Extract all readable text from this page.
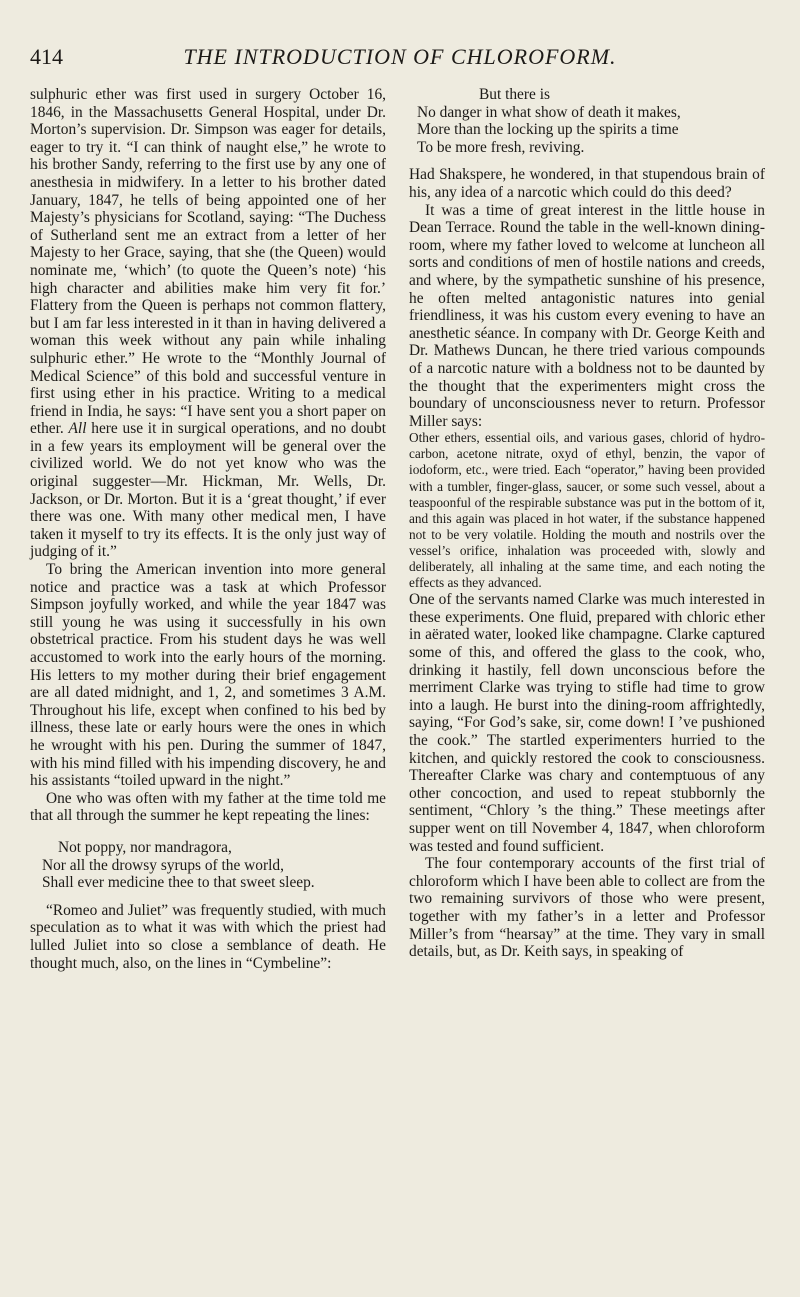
414	THE INTRODUCTION OF CHLOROFORM.

sulphuric ether was first used in surgery October 16, 1846, in the Massachusetts General Hospital, under Dr. Morton’s supervision. Dr. Simpson was eager for details, eager to try it. “I can think of naught else,” he wrote to his brother Sandy, referring to the first use by any one of anesthesia in midwifery. In a letter to his brother dated January, 1847, he tells of being appointed one of her Majesty’s physicians for Scotland, saying: “The Duchess of Sutherland sent me an extract from a letter of her Majesty to her Grace, saying, that she (the Queen) would nominate me, ‘which’ (to quote the Queen’s note) ‘his high character and abilities make him very fit for.’ Flattery from the Queen is perhaps not common flattery, but I am far less interested in it than in having delivered a woman this week without any pain while inhaling sulphuric ether.” He wrote to the “Monthly Journal of Medical Science” of this bold and successful venture in first using ether in his practice. Writing to a medical friend in India, he says: “I have sent you a short paper on ether. All here use it in surgical operations, and no doubt in a few years its employment will be general over the civilized world. We do not yet know who was the original suggester—Mr. Hickman, Mr. Wells, Dr. Jackson, or Dr. Morton. But it is a ‘great thought,’ if ever there was one. With many other medical men, I have taken it myself to try its effects. It is the only just way of judging of it.”

To bring the American invention into more general notice and practice was a task at which Professor Simpson joyfully worked, and while the year 1847 was still young he was using it successfully in his own obstetrical practice. From his student days he was well accustomed to work into the early hours of the morning. His letters to my mother during their brief engagement are all dated midnight, and 1, 2, and sometimes 3 A.M. Throughout his life, except when confined to his bed by illness, these late or early hours were the ones in which he wrought with his pen. During the summer of 1847, with his mind filled with his impending discovery, he and his assistants “toiled upward in the night.”

One who was often with my father at the time told me that all through the summer he kept repeating the lines:

Not poppy, nor mandragora,
Nor all the drowsy syrups of the world,
Shall ever medicine thee to that sweet sleep.

“Romeo and Juliet” was frequently studied, with much speculation as to what it was with which the priest had lulled Juliet into so close a semblance of death. He thought much, also, on the lines in “Cymbeline”:

But there is
No danger in what show of death it makes,
More than the locking up the spirits a time
To be more fresh, reviving.

Had Shakspere, he wondered, in that stupendous brain of his, any idea of a narcotic which could do this deed?

It was a time of great interest in the little house in Dean Terrace. Round the table in the well-known dining-room, where my father loved to welcome at luncheon all sorts and conditions of men of hostile nations and creeds, and where, by the sympathetic sunshine of his presence, he often melted antagonistic natures into genial friendliness, it was his custom every evening to have an anesthetic séance. In company with Dr. George Keith and Dr. Mathews Duncan, he there tried various compounds of a narcotic nature with a boldness not to be daunted by the thought that the experimenters might cross the boundary of unconsciousness never to return. Professor Miller says:

Other ethers, essential oils, and various gases, chlorid of hydro-carbon, acetone nitrate, oxyd of ethyl, benzin, the vapor of iodoform, etc., were tried. Each “operator,” having been provided with a tumbler, finger-glass, saucer, or some such vessel, about a teaspoonful of the respirable substance was put in the bottom of it, and this again was placed in hot water, if the substance happened not to be very volatile. Holding the mouth and nostrils over the vessel’s orifice, inhalation was proceeded with, slowly and deliberately, all inhaling at the same time, and each noting the effects as they advanced.

One of the servants named Clarke was much interested in these experiments. One fluid, prepared with chloric ether in aërated water, looked like champagne. Clarke captured some of this, and offered the glass to the cook, who, drinking it hastily, fell down unconscious before the merriment Clarke was trying to stifle had time to grow into a laugh. He burst into the dining-room affrightedly, saying, “For God’s sake, sir, come down! I ’ve pushioned the cook.” The startled experimenters hurried to the kitchen, and quickly restored the cook to consciousness. Thereafter Clarke was chary and contemptuous of any other concoction, and used to repeat stubbornly the sentiment, “Chlory ’s the thing.” These meetings after supper went on till November 4, 1847, when chloroform was tested and found sufficient.

The four contemporary accounts of the first trial of chloroform which I have been able to collect are from the two remaining survivors of those who were present, together with my father’s in a letter and Professor Miller’s from “hearsay” at the time. They vary in small details, but, as Dr. Keith says, in speaking of
